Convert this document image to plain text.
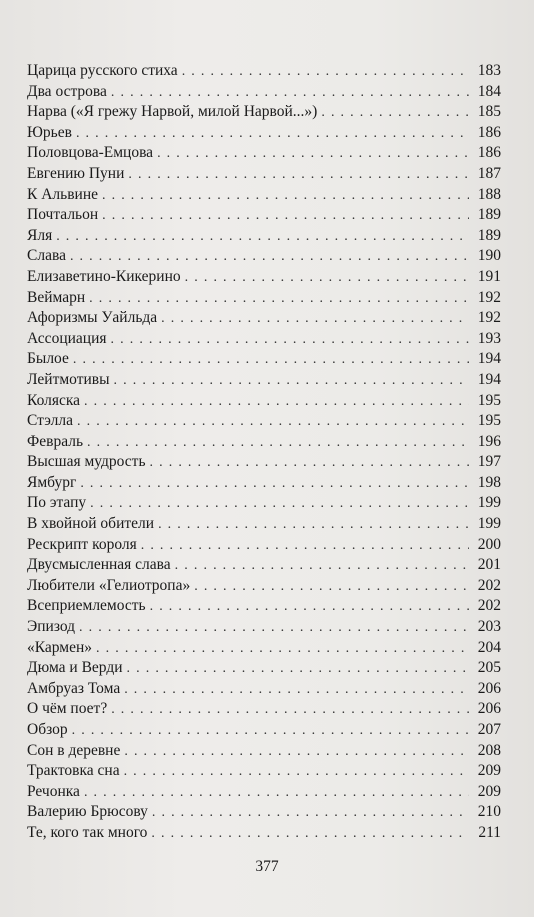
Царица русского стиха . . .	183
Два острова . . .	184
Нарва («Я грежу Нарвой, милой Нарвой...») . . .	185
Юрьев . . .	186
Половцова-Емцова . . .	186
Евгению Пуни . . .	187
К Альвине . . .	188
Почтальон . . .	189
Яля . . .	189
Слава . . .	190
Елизаветино-Кикерино . . .	191
Веймарн . . .	192
Афоризмы Уайльда . . .	192
Ассоциация . . .	193
Былое . . .	194
Лейтмотивы . . .	194
Коляска . . .	195
Стэлла . . .	195
Февраль . . .	196
Высшая мудрость . . .	197
Ямбург . . .	198
По этапу . . .	199
В хвойной обители . . .	199
Рескрипт короля . . .	200
Двусмысленная слава . . .	201
Любители «Гелиотропа» . . .	202
Всеприемлемость . . .	202
Эпизод . . .	203
«Кармен» . . .	204
Дюма и Верди . . .	205
Амбруаз Тома . . .	206
О чём поет? . . .	206
Обзор . . .	207
Сон в деревне . . .	208
Трактовка сна . . .	209
Речонка . . .	209
Валерию Брюсову . . .	210
Те, кого так много . . .	211
377
